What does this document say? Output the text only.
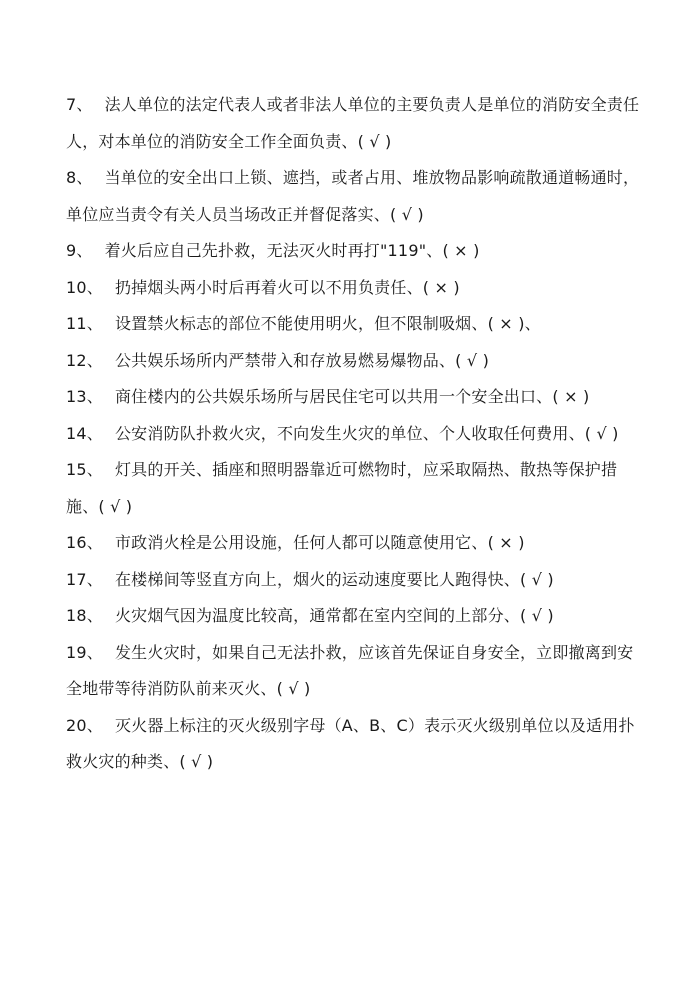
7、 法人单位的法定代表人或者非法人单位的主要负责人是单位的消防安全责任人，对本单位的消防安全工作全面负责、( √ )
8、 当单位的安全出口上锁、遮挡，或者占用、堆放物品影响疏散通道畅通时，单位应当责令有关人员当场改正并督促落实、( √ )
9、 着火后应自己先扑救，无法灭火时再打"119"、( × )
10、 扔掉烟头两小时后再着火可以不用负责任、( × )
11、 设置禁火标志的部位不能使用明火，但不限制吸烟、( × )、
12、 公共娱乐场所内严禁带入和存放易燃易爆物品、( √ )
13、 商住楼内的公共娱乐场所与居民住宅可以共用一个安全出口、( × )
14、 公安消防队扑救火灾，不向发生火灾的单位、个人收取任何费用、( √ )
15、 灯具的开关、插座和照明器靠近可燃物时，应采取隔热、散热等保护措施、( √ )
16、 市政消火栓是公用设施，任何人都可以随意使用它、( × )
17、 在楼梯间等竖直方向上，烟火的运动速度要比人跑得快、( √ )
18、 火灾烟气因为温度比较高，通常都在室内空间的上部分、( √ )
19、 发生火灾时，如果自己无法扑救，应该首先保证自身安全，立即撤离到安全地带等待消防队前来灭火、( √ )
20、 灭火器上标注的灭火级别字母（A、B、C）表示灭火级别单位以及适用扑救火灾的种类、( √ )
